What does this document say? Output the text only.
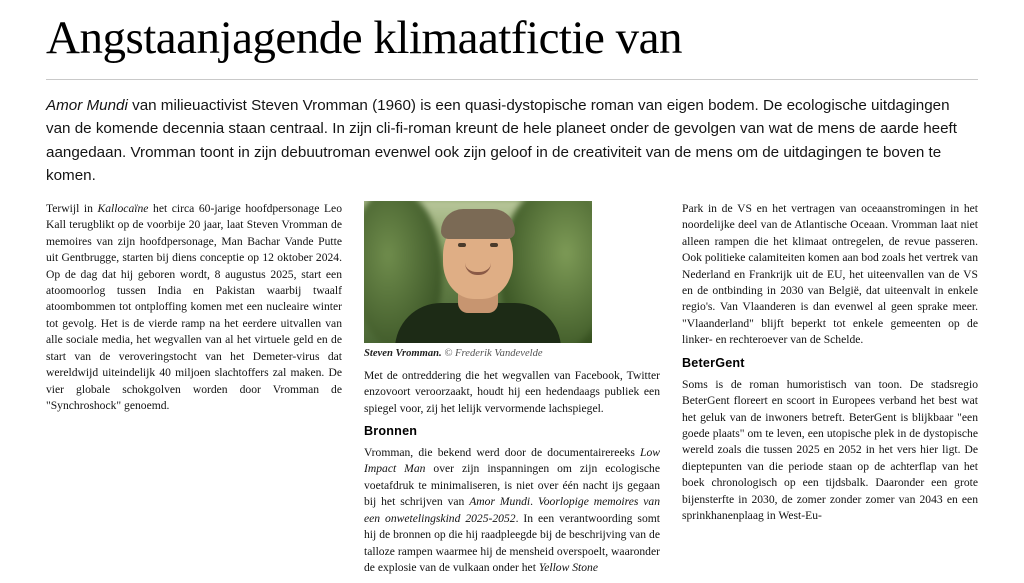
Angstaanjagende klimaatfictie van
Amor Mundi van milieuactivist Steven Vromman (1960) is een quasi-dystopische roman van eigen bodem. De ecologische uitdagingen van de komende decennia staan centraal. In zijn cli-fi-roman kreunt de hele planeet onder de gevolgen van wat de mens de aarde heeft aangedaan. Vromman toont in zijn debuutroman evenwel ook zijn geloof in de creativiteit van de mens om de uitdagingen te boven te komen.

Terwijl in Kallocaïne het circa 60-jarige hoofdpersonage Leo Kall terugblikt op de voorbije 20 jaar, laat Steven Vromman de memoires van zijn hoofdpersonage, Man Bachar Vande Putte uit Gentbrugge, starten bij diens conceptie op 12 oktober 2024. Op de dag dat hij geboren wordt, 8 augustus 2025, start een atoomoorlog tussen India en Pakistan waarbij twaalf atoombommen tot ontploffing komen met een nucleaire winter tot gevolg. Het is de vierde ramp na het eerdere uitvallen van alle sociale media, het wegvallen van al het virtuele geld en de start van de veroveringstocht van het Demeter-virus dat wereldwijd uiteindelijk 40 miljoen slachtoffers zal maken. De vier globale schokgolven worden door Vromman de "Synchroshock" genoemd.

Steven Vromman. © Frederik Vandevelde

Met de ontreddering die het wegvallen van Facebook, Twitter enzovoort veroorzaakt, houdt hij een hedendaags publiek een spiegel voor, zij het lelijk vervormende lachspiegel.

Bronnen

Vromman, die bekend werd door de documentairereeks Low Impact Man over zijn inspanningen om zijn ecologische voetafdruk te minimaliseren, is niet over één nacht ijs gegaan bij het schrijven van Amor Mundi. Voorlopige memoires van een onwetelingskind 2025-2052. In een verantwoording somt hij de bronnen op die hij raadpleegde bij de beschrijving van de talloze rampen waarmee hij de mensheid overspoelt, waaronder de explosie van de vulkaan onder het Yellow Stone

Park in de VS en het vertragen van oceaanstromingen in het noordelijke deel van de Atlantische Oceaan. Vromman laat niet alleen rampen die het klimaat ontregelen, de revue passeren. Ook politieke calamiteiten komen aan bod zoals het vertrek van Nederland en Frankrijk uit de EU, het uiteenvallen van de VS en de ontbinding in 2030 van België, dat uiteenvalt in enkele regio's. Van Vlaanderen is dan evenwel al geen sprake meer. "Vlaanderland" blijft beperkt tot enkele gemeenten op de linker- en rechteroever van de Schelde.

BeterGent

Soms is de roman humoristisch van toon. De stadsregio BeterGent floreert en scoort in Europees verband het best wat het geluk van de inwoners betreft. BeterGent is blijkbaar "een goede plaats" om te leven, een utopische plek in de dystopische wereld zoals die tussen 2025 en 2052 in het vers hier ligt. De dieptepunten van die periode staan op de achterflap van het boek chronologisch op een tijdsbalk. Daaronder een grote bijensterfte in 2030, de zomer zonder zomer van 2043 en een sprinkhanenplaag in West-Eu-
